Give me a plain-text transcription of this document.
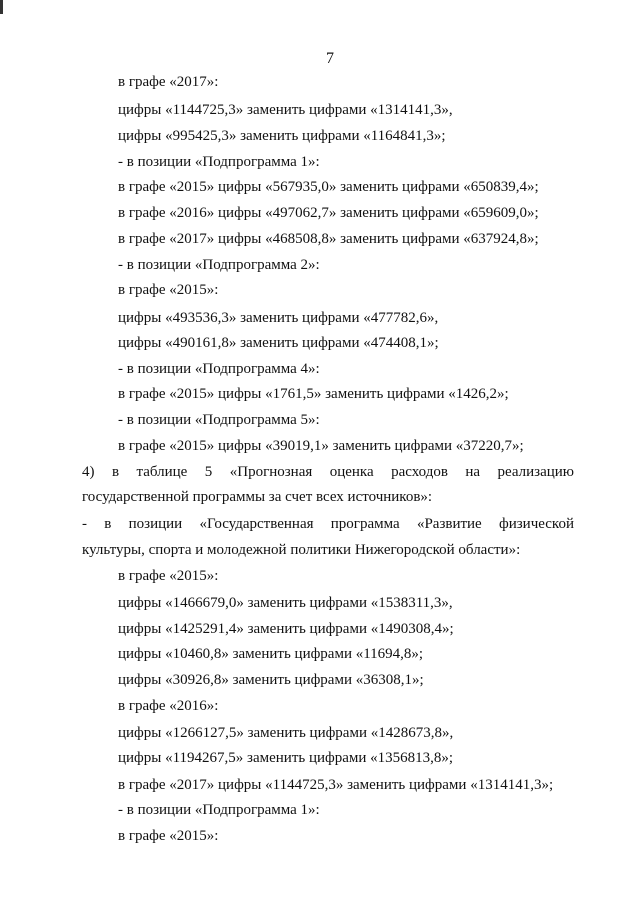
7
в графе «2017»:
цифры «1144725,3» заменить цифрами «1314141,3»,
цифры «995425,3» заменить цифрами «1164841,3»;
- в позиции «Подпрограмма 1»:
в графе «2015» цифры «567935,0» заменить цифрами «650839,4»;
в графе «2016» цифры «497062,7» заменить цифрами «659609,0»;
в графе «2017» цифры «468508,8» заменить цифрами «637924,8»;
- в позиции «Подпрограмма 2»:
в графе «2015»:
цифры «493536,3» заменить цифрами «477782,6»,
цифры «490161,8» заменить цифрами «474408,1»;
- в позиции «Подпрограмма 4»:
в графе «2015» цифры «1761,5» заменить цифрами «1426,2»;
- в позиции «Подпрограмма 5»:
в графе «2015» цифры «39019,1» заменить цифрами «37220,7»;
4) в таблице 5 «Прогнозная оценка расходов на реализацию
государственной программы за счет всех источников»:
- в позиции «Государственная программа «Развитие физической
культуры, спорта и молодежной политики Нижегородской области»:
в графе «2015»:
цифры «1466679,0» заменить цифрами «1538311,3»,
цифры «1425291,4» заменить цифрами «1490308,4»;
цифры «10460,8» заменить цифрами «11694,8»;
цифры «30926,8» заменить цифрами «36308,1»;
в графе «2016»:
цифры «1266127,5» заменить цифрами «1428673,8»,
цифры «1194267,5» заменить цифрами «1356813,8»;
в графе «2017» цифры «1144725,3» заменить цифрами «1314141,3»;
- в позиции «Подпрограмма 1»:
в графе «2015»:
